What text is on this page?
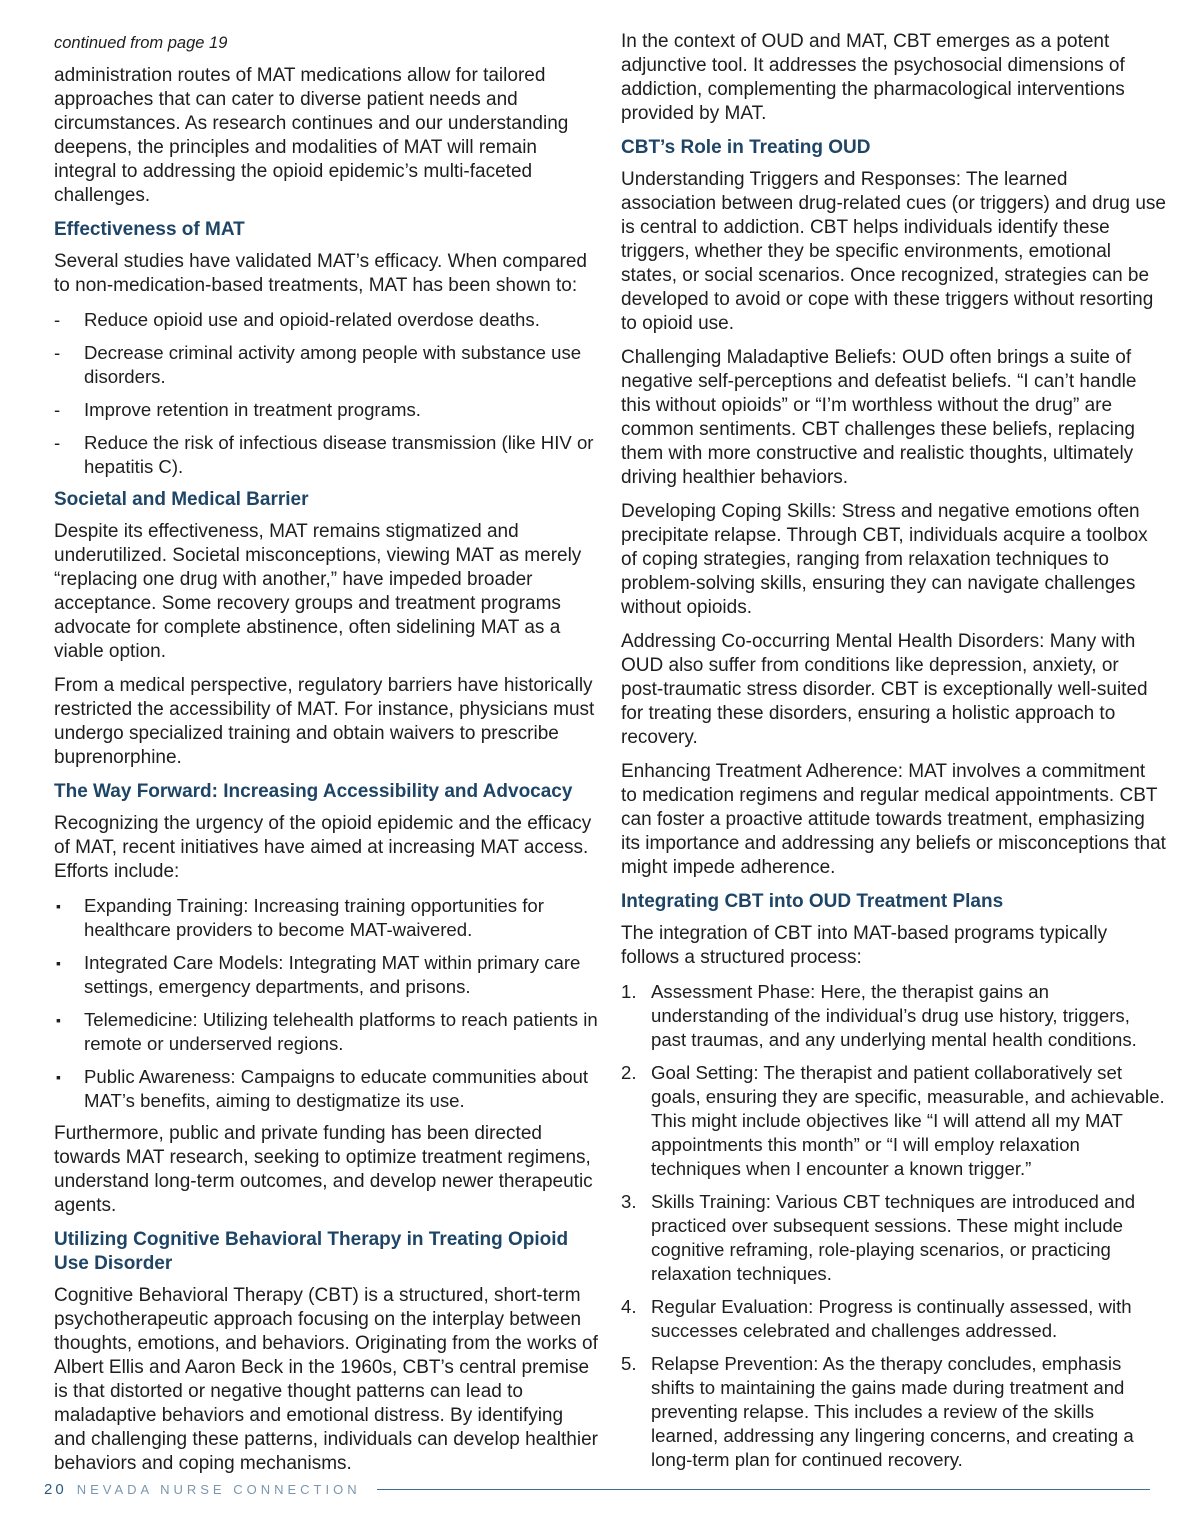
continued from page 19

administration routes of MAT medications allow for tailored approaches that can cater to diverse patient needs and circumstances. As research continues and our understanding deepens, the principles and modalities of MAT will remain integral to addressing the opioid epidemic’s multi-faceted challenges.

Effectiveness of MAT

Several studies have validated MAT’s efficacy. When compared to non-medication-based treatments, MAT has been shown to:

-	Reduce opioid use and opioid-related overdose deaths.
-	Decrease criminal activity among people with substance use disorders.
-	Improve retention in treatment programs.
-	Reduce the risk of infectious disease transmission (like HIV or hepatitis C).
Societal and Medical Barrier

Despite its effectiveness, MAT remains stigmatized and underutilized. Societal misconceptions, viewing MAT as merely “replacing one drug with another,” have impeded broader acceptance. Some recovery groups and treatment programs advocate for complete abstinence, often sidelining MAT as a viable option.

From a medical perspective, regulatory barriers have historically restricted the accessibility of MAT. For instance, physicians must undergo specialized training and obtain waivers to prescribe buprenorphine.

The Way Forward: Increasing Accessibility and Advocacy

Recognizing the urgency of the opioid epidemic and the efficacy of MAT, recent initiatives have aimed at increasing MAT access. Efforts include:

▪	Expanding Training: Increasing training opportunities for healthcare providers to become MAT-waivered.
▪	Integrated Care Models: Integrating MAT within primary care settings, emergency departments, and prisons.
▪	Telemedicine: Utilizing telehealth platforms to reach patients in remote or underserved regions.
▪	Public Awareness: Campaigns to educate communities about MAT’s benefits, aiming to destigmatize its use.

Furthermore, public and private funding has been directed towards MAT research, seeking to optimize treatment regimens, understand long-term outcomes, and develop newer therapeutic agents.

Utilizing Cognitive Behavioral Therapy in Treating Opioid Use Disorder

Cognitive Behavioral Therapy (CBT) is a structured, short-term psychotherapeutic approach focusing on the interplay between thoughts, emotions, and behaviors. Originating from the works of Albert Ellis and Aaron Beck in the 1960s, CBT’s central premise is that distorted or negative thought patterns can lead to maladaptive behaviors and emotional distress. By identifying and challenging these patterns, individuals can develop healthier behaviors and coping mechanisms.

In the context of OUD and MAT, CBT emerges as a potent adjunctive tool. It addresses the psychosocial dimensions of addiction, complementing the pharmacological interventions provided by MAT.

CBT’s Role in Treating OUD

Understanding Triggers and Responses: The learned association between drug-related cues (or triggers) and drug use is central to addiction. CBT helps individuals identify these triggers, whether they be specific environments, emotional states, or social scenarios. Once recognized, strategies can be developed to avoid or cope with these triggers without resorting to opioid use.

Challenging Maladaptive Beliefs: OUD often brings a suite of negative self-perceptions and defeatist beliefs. “I can’t handle this without opioids” or “I’m worthless without the drug” are common sentiments. CBT challenges these beliefs, replacing them with more constructive and realistic thoughts, ultimately driving healthier behaviors.

Developing Coping Skills: Stress and negative emotions often precipitate relapse. Through CBT, individuals acquire a toolbox of coping strategies, ranging from relaxation techniques to problem-solving skills, ensuring they can navigate challenges without opioids.

Addressing Co-occurring Mental Health Disorders: Many with OUD also suffer from conditions like depression, anxiety, or post-traumatic stress disorder. CBT is exceptionally well-suited for treating these disorders, ensuring a holistic approach to recovery.

Enhancing Treatment Adherence: MAT involves a commitment to medication regimens and regular medical appointments. CBT can foster a proactive attitude towards treatment, emphasizing its importance and addressing any beliefs or misconceptions that might impede adherence.

Integrating CBT into OUD Treatment Plans

The integration of CBT into MAT-based programs typically follows a structured process:

1. Assessment Phase: Here, the therapist gains an understanding of the individual’s drug use history, triggers, past traumas, and any underlying mental health conditions.
2. Goal Setting: The therapist and patient collaboratively set goals, ensuring they are specific, measurable, and achievable. This might include objectives like “I will attend all my MAT appointments this month” or “I will employ relaxation techniques when I encounter a known trigger.”
3. Skills Training: Various CBT techniques are introduced and practiced over subsequent sessions. These might include cognitive reframing, role-playing scenarios, or practicing relaxation techniques.
4. Regular Evaluation: Progress is continually assessed, with successes celebrated and challenges addressed.
5. Relapse Prevention: As the therapy concludes, emphasis shifts to maintaining the gains made during treatment and preventing relapse. This includes a review of the skills learned, addressing any lingering concerns, and creating a long-term plan for continued recovery.
20 NEVADA NURSE CONNECTION
